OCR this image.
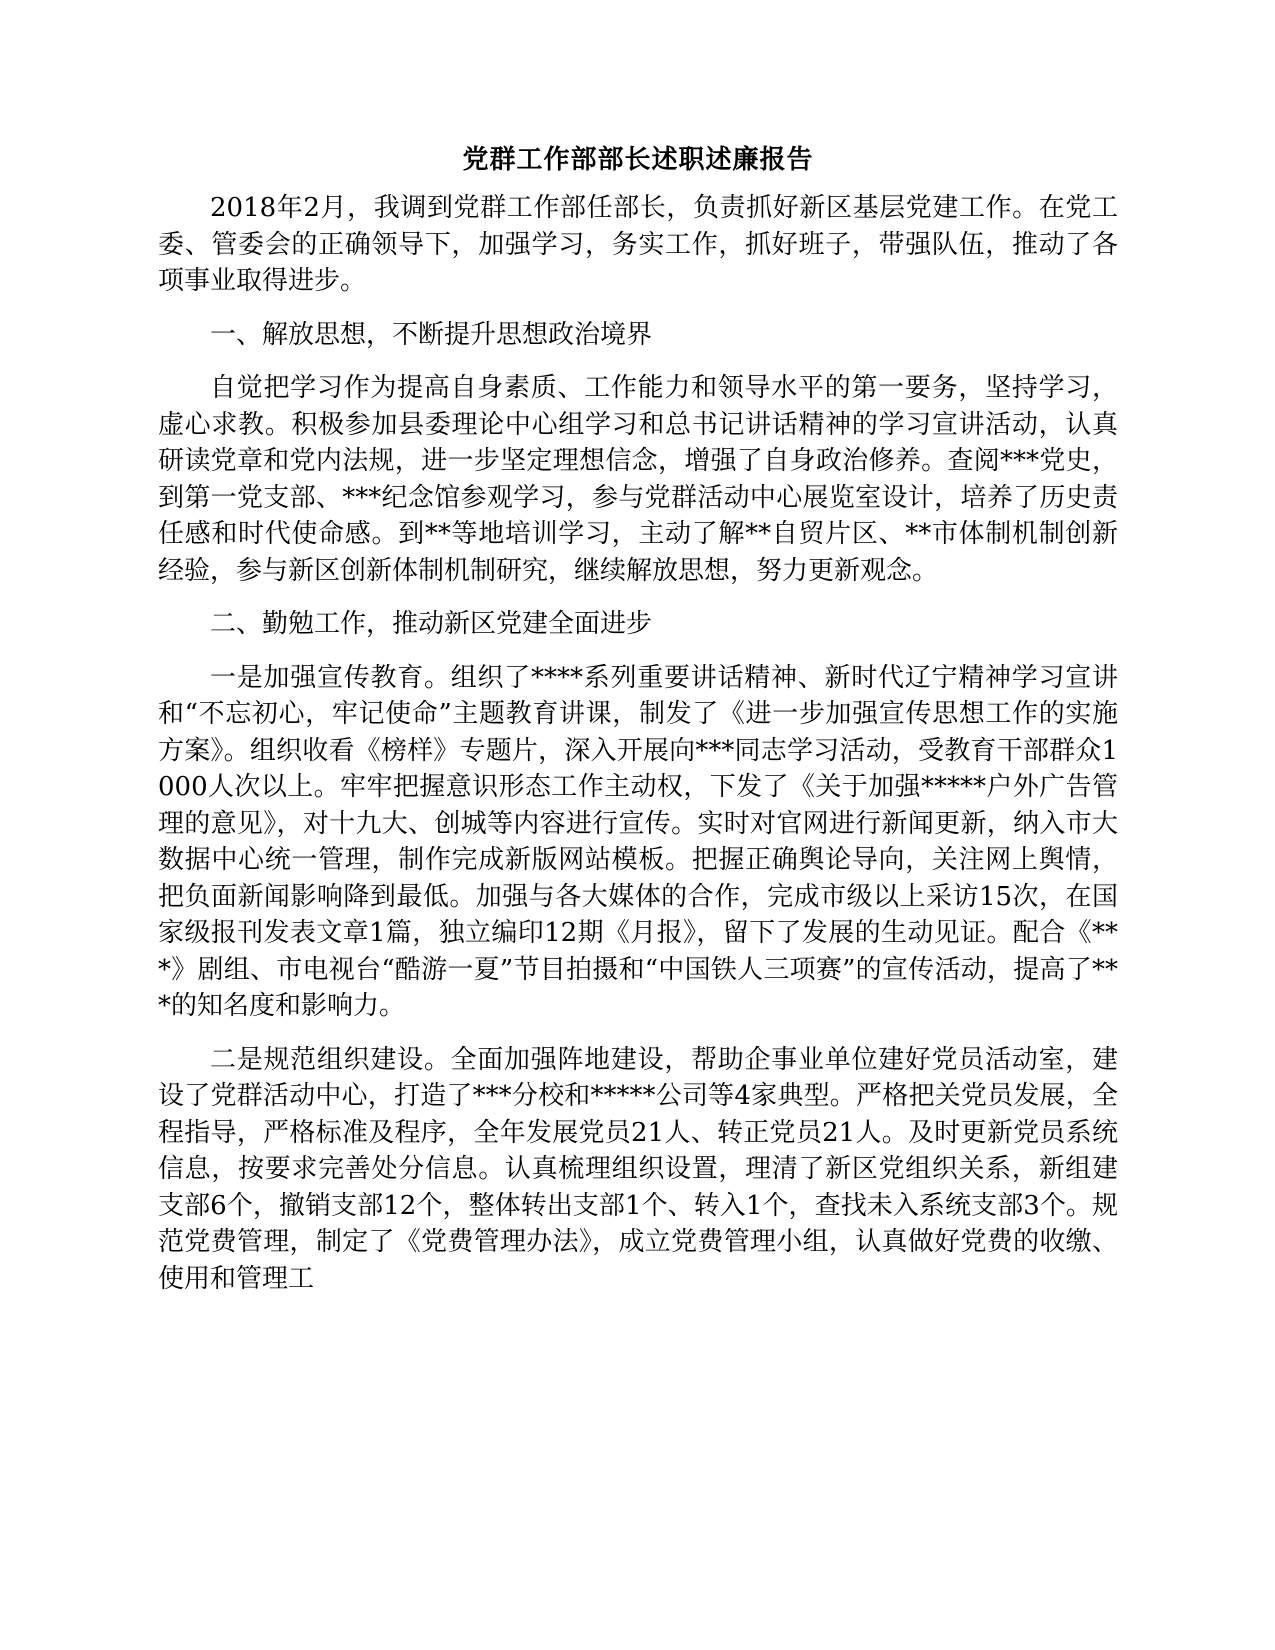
党群工作部部长述职述廉报告

2018年2月，我调到党群工作部任部长，负责抓好新区基层党建工作。在党工委、管委会的正确领导下，加强学习，务实工作，抓好班子，带强队伍，推动了各项事业取得进步。

一、解放思想，不断提升思想政治境界

自觉把学习作为提高自身素质、工作能力和领导水平的第一要务，坚持学习，虚心求教。积极参加县委理论中心组学习和总书记讲话精神的学习宣讲活动，认真研读党章和党内法规，进一步坚定理想信念，增强了自身政治修养。查阅***党史，到第一党支部、***纪念馆参观学习，参与党群活动中心展览室设计，培养了历史责任感和时代使命感。到**等地培训学习，主动了解**自贸片区、**市体制机制创新经验，参与新区创新体制机制研究，继续解放思想，努力更新观念。

二、勤勉工作，推动新区党建全面进步

一是加强宣传教育。组织了****系列重要讲话精神、新时代辽宁精神学习宣讲和“不忘初心，牢记使命”主题教育讲课，制发了《进一步加强宣传思想工作的实施方案》。组织收看《榜样》专题片，深入开展向***同志学习活动，受教育干部群众1000人次以上。牢牢把握意识形态工作主动权，下发了《关于加强*****户外广告管理的意见》，对十九大、创城等内容进行宣传。实时对官网进行新闻更新，纳入市大数据中心统一管理，制作完成新版网站模板。把握正确舆论导向，关注网上舆情，把负面新闻影响降到最低。加强与各大媒体的合作，完成市级以上采访15次，在国家级报刊发表文章1篇，独立编印12期《月报》，留下了发展的生动见证。配合《***》剧组、市电视台“酷游一夏”节目拍摄和“中国铁人三项赛”的宣传活动，提高了***的知名度和影响力。

二是规范组织建设。全面加强阵地建设，帮助企事业单位建好党员活动室，建设了党群活动中心，打造了***分校和*****公司等4家典型。严格把关党员发展，全程指导，严格标准及程序，全年发展党员21人、转正党员21人。及时更新党员系统信息，按要求完善处分信息。认真梳理组织设置，理清了新区党组织关系，新组建支部6个，撤销支部12个，整体转出支部1个、转入1个，查找未入系统支部3个。规范党费管理，制定了《党费管理办法》，成立党费管理小组，认真做好党费的收缴、使用和管理工
